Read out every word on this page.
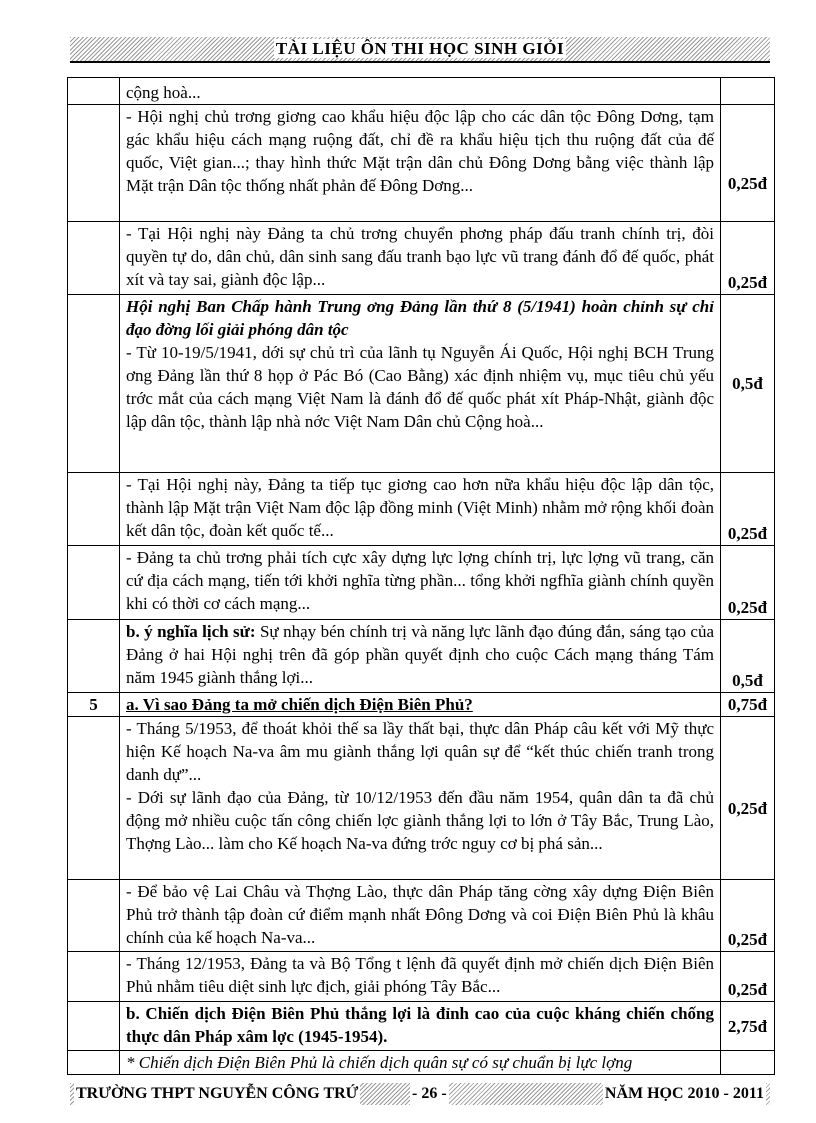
TÀI LIỆU ÔN THI HỌC SINH GIỎI
	cộng hoà...	
	- Hội nghị chủ trơng giơng cao khẩu hiệu độc lập cho các dân tộc Đông Dơng, tạm gác khẩu hiệu cách mạng ruộng đất, chỉ đề ra khẩu hiệu tịch thu ruộng đất của đế quốc, Việt gian...; thay hình thức Mặt trận dân chủ Đông Dơng bằng việc thành lập Mặt trận Dân tộc thống nhất phản đế Đông Dơng...	0,25đ
	- Tại Hội nghị này Đảng ta chủ trơng chuyển phơng pháp đấu tranh chính trị, đòi quyền tự do, dân chủ, dân sinh sang đấu tranh bạo lực vũ trang đánh đổ đế quốc, phát xít và tay sai, giành độc lập...	0,25đ

	Hội nghị Ban Chấp hành Trung ơng Đảng lần thứ 8 (5/1941) hoàn chỉnh sự chỉ đạo đờng lối giải phóng dân tộc
- Từ 10-19/5/1941, dới sự chủ trì của lãnh tụ Nguyễn Ái Quốc, Hội nghị BCH Trung ơng Đảng lần thứ 8 họp ở Pác Bó (Cao Bằng) xác định nhiệm vụ, mục tiêu chủ yếu trớc mắt của cách mạng Việt Nam là đánh đổ đế quốc phát xít Pháp-Nhật, giành độc lập dân tộc, thành lập nhà nớc Việt Nam Dân chủ Cộng hoà...	0,5đ
	- Tại Hội nghị này, Đảng ta tiếp tục giơng cao hơn nữa khẩu hiệu độc lập dân tộc, thành lập Mặt trận Việt Nam độc lập đồng minh (Việt Minh) nhằm mở rộng khối đoàn kết dân tộc, đoàn kết quốc tế...	0,25đ
	- Đảng ta chủ trơng phải tích cực xây dựng lực lợng chính trị, lực lợng vũ trang, căn cứ địa cách mạng, tiến tới khởi nghĩa từng phần... tổng khởi ngfhĩa giành chính quyền khi có thời cơ cách mạng...	0,25đ
	b. ý nghĩa lịch sử: Sự nhạy bén chính trị và năng lực lãnh đạo đúng đắn, sáng tạo của Đảng ở hai Hội nghị trên đã góp phần quyết định cho cuộc Cách mạng tháng Tám năm 1945 giành thắng lợi...	0,5đ
5	a. Vì sao Đảng ta mở chiến dịch Điện Biên Phủ?	0,75đ

	- Tháng 5/1953, để thoát khỏi thế sa lầy thất bại, thực dân Pháp câu kết với Mỹ thực hiện Kế hoạch Na-va âm mu giành thắng lợi quân sự để “kết thúc chiến tranh trong danh dự”...
- Dới sự lãnh đạo của Đảng, từ 10/12/1953 đến đầu năm 1954, quân dân ta đã chủ động mở nhiều cuộc tấn công chiến lợc giành thắng lợi to lớn ở Tây Bắc, Trung Lào, Thợng Lào... làm cho Kế hoạch Na-va đứng trớc nguy cơ bị phá sản...	0,25đ
	- Để bảo vệ Lai Châu và Thợng Lào, thực dân Pháp tăng cờng xây dựng Điện Biên Phủ trở thành tập đoàn cứ điểm mạnh nhất Đông Dơng và coi Điện Biên Phủ là khâu chính của kế hoạch Na-va...	0,25đ
	- Tháng 12/1953, Đảng ta và Bộ Tổng t lệnh đã quyết định mở chiến dịch Điện Biên Phủ nhằm tiêu diệt sinh lực địch, giải phóng Tây Bắc...	0,25đ
	b. Chiến dịch Điện Biên Phủ thắng lợi là đỉnh cao của cuộc kháng chiến chống thực dân Pháp xâm lợc (1945-1954).	2,75đ
	* Chiến dịch Điện Biên Phủ là chiến dịch quân sự có sự chuẩn bị lực lợng	
TRƯỜNG THPT NGUYỄN CÔNG TRỨ	- 26 -	NĂM HỌC 2010 - 2011
